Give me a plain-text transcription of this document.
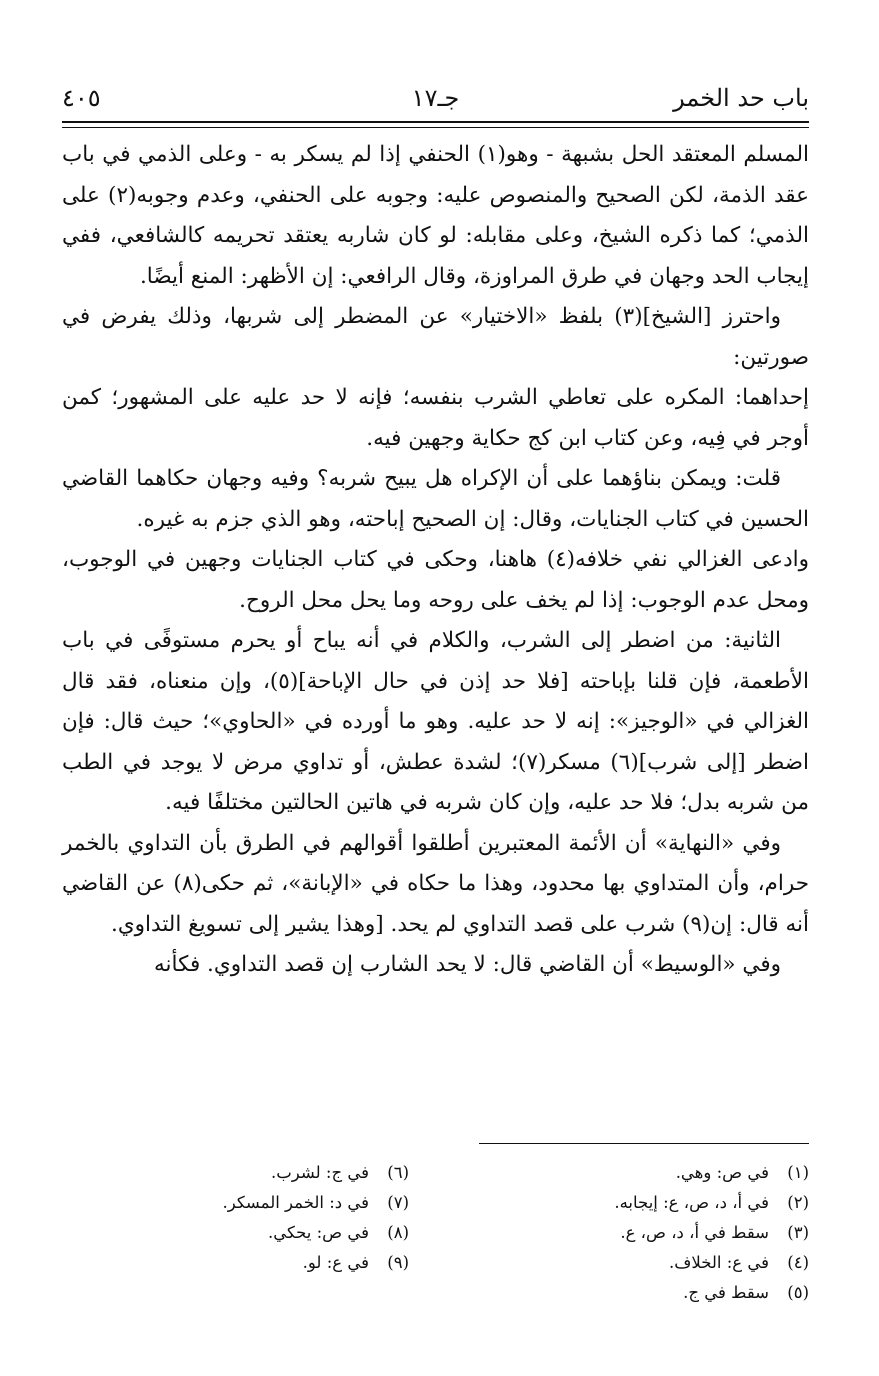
باب حد الخمر
جـ١٧
٤٠٥

المسلم المعتقد الحل بشبهة - وهو(١) الحنفي إذا لم يسكر به - وعلى الذمي في باب عقد الذمة، لكن الصحيح والمنصوص عليه: وجوبه على الحنفي، وعدم وجوبه(٢) على الذمي؛ كما ذكره الشيخ، وعلى مقابله: لو كان شاربه يعتقد تحريمه كالشافعي، ففي إيجاب الحد وجهان في طرق المراوزة، وقال الرافعي: إن الأظهر: المنع أيضًا.

واحترز [الشيخ](٣) بلفظ «الاختيار» عن المضطر إلى شربها، وذلك يفرض في صورتين:

إحداهما: المكره على تعاطي الشرب بنفسه؛ فإنه لا حد عليه على المشهور؛ كمن أوجر في فِيه، وعن كتاب ابن كج حكاية وجهين فيه.

قلت: ويمكن بناؤهما على أن الإكراه هل يبيح شربه؟ وفيه وجهان حكاهما القاضي الحسين في كتاب الجنايات، وقال: إن الصحيح إباحته، وهو الذي جزم به غيره.

وادعى الغزالي نفي خلافه(٤) هاهنا، وحكى في كتاب الجنايات وجهين في الوجوب، ومحل عدم الوجوب: إذا لم يخف على روحه وما يحل محل الروح.

الثانية: من اضطر إلى الشرب، والكلام في أنه يباح أو يحرم مستوفًى في باب الأطعمة، فإن قلنا بإباحته [فلا حد إذن في حال الإباحة](٥)، وإن منعناه، فقد قال الغزالي في «الوجيز»: إنه لا حد عليه. وهو ما أورده في «الحاوي»؛ حيث قال: فإن اضطر [إلى شرب](٦) مسكر(٧)؛ لشدة عطش، أو تداوي مرض لا يوجد في الطب من شربه بدل؛ فلا حد عليه، وإن كان شربه في هاتين الحالتين مختلفًا فيه.

وفي «النهاية» أن الأئمة المعتبرين أطلقوا أقوالهم في الطرق بأن التداوي بالخمر حرام، وأن المتداوي بها محدود، وهذا ما حكاه في «الإبانة»، ثم حكى(٨) عن القاضي أنه قال: إن(٩) شرب على قصد التداوي لم يحد. [وهذا يشير إلى تسويغ التداوي.

وفي «الوسيط» أن القاضي قال: لا يحد الشارب إن قصد التداوي. فكأنه

(١)في ص: وهي.
(٢)في أ، د، ص، ع: إيجابه.
(٣)سقط في أ، د، ص، ع.
(٤)في ع: الخلاف.
(٥)سقط في ج.
(٦)في ج: لشرب.
(٧)في د: الخمر المسكر.
(٨)في ص: يحكي.
(٩)في ع: لو.
